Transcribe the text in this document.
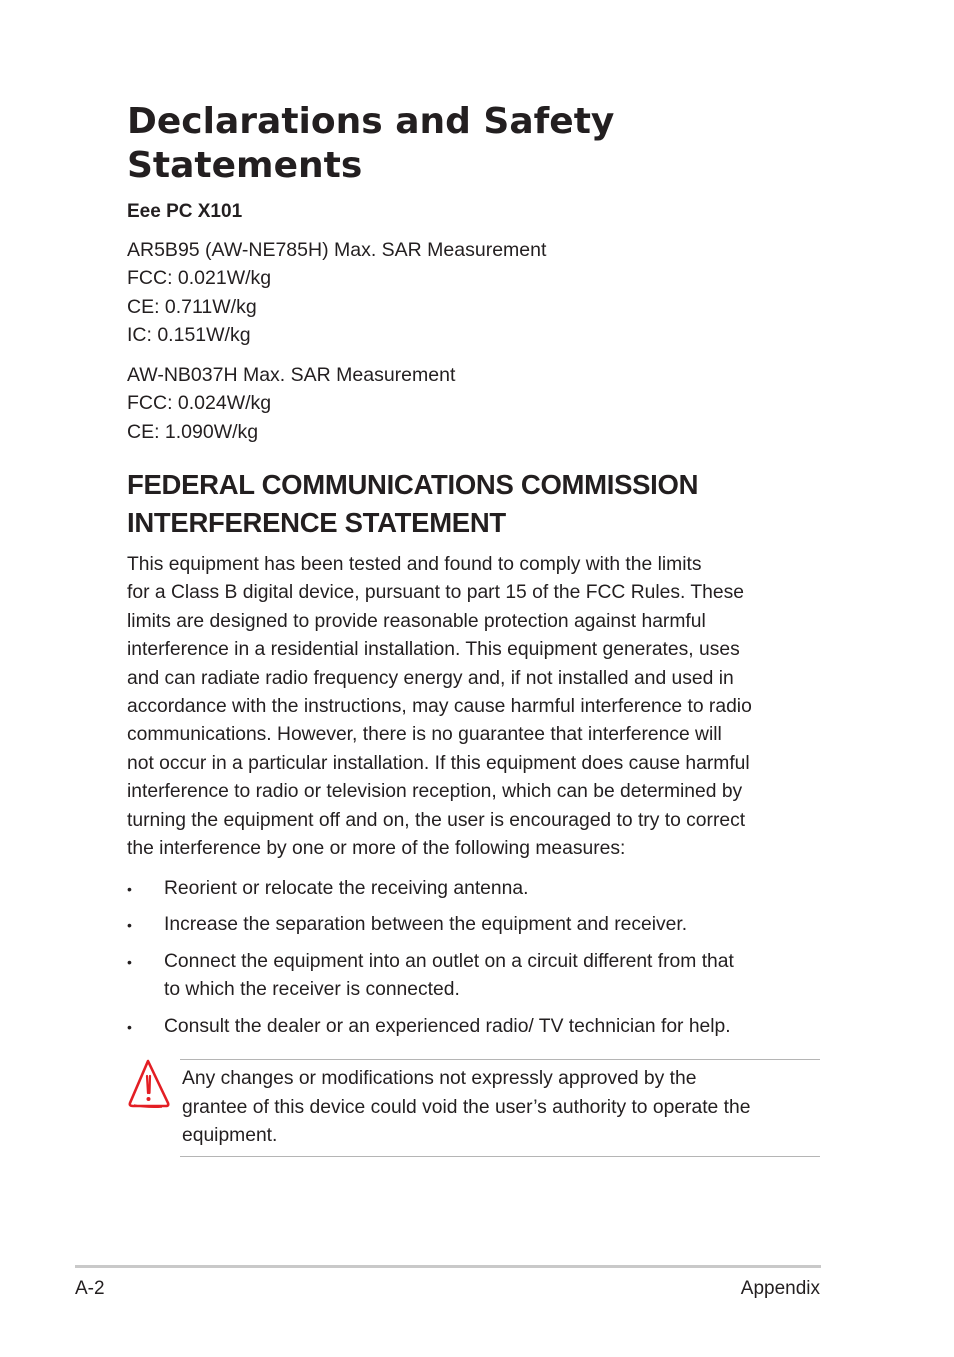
Declarations and Safety
Statements

Eee PC X101

AR5B95 (AW-NE785H) Max. SAR Measurement
FCC: 0.021W/kg
CE: 0.711W/kg
IC: 0.151W/kg
AW-NB037H Max. SAR Measurement
FCC: 0.024W/kg
CE: 1.090W/kg
FEDERAL COMMUNICATIONS COMMISSION
INTERFERENCE STATEMENT
This equipment has been tested and found to comply with the limits
for a Class B digital device, pursuant to part 15 of the FCC Rules. These
limits are designed to provide reasonable protection against harmful
interference in a residential installation. This equipment generates, uses
and can radiate radio frequency energy and, if not installed and used in
accordance with the instructions, may cause harmful interference to radio
communications. However, there is no guarantee that interference will
not occur in a particular installation. If this equipment does cause harmful
interference to radio or television reception, which can be determined by
turning the equipment off and on, the user is encouraged to try to correct
the interference by one or more of the following measures:
• Reorient or relocate the receiving antenna.
• Increase the separation between the equipment and receiver.
• Connect the equipment into an outlet on a circuit different from that
to which the receiver is connected.
• Consult the dealer or an experienced radio/ TV technician for help.
Any changes or modifications not expressly approved by the
grantee of this device could void the user’s authority to operate the
equipment.
A-2	Appendix
